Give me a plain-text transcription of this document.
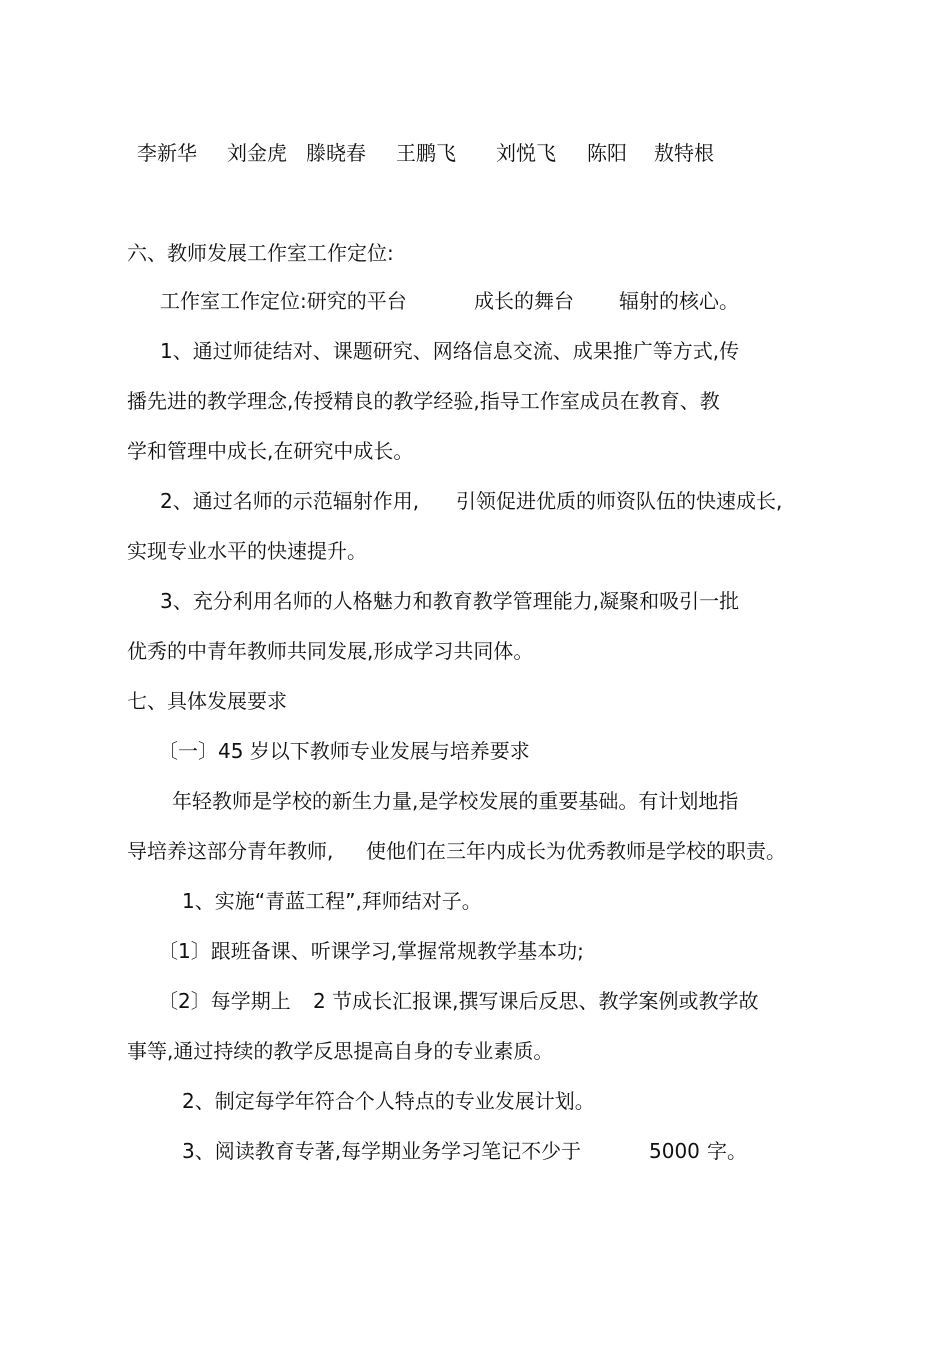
李新华 刘金虎 滕晓春 王鹏飞 刘悦飞 陈阳 敖特根
六、教师发展工作室工作定位:
工作室工作定位:研究的平台	成长的舞台 辐射的核心。
1、通过师徒结对、课题研究、网络信息交流、成果推广等方式,传
播先进的教学理念,传授精良的教学经验,指导工作室成员在教育、教
学和管理中成长,在研究中成长。
2、通过名师的示范辐射作用, 引领促进优质的师资队伍的快速成长,
实现专业水平的快速提升。
3、充分利用名师的人格魅力和教育教学管理能力,凝聚和吸引一批
优秀的中青年教师共同发展,形成学习共同体。
七、具体发展要求
〔一〕45 岁以下教师专业发展与培养要求
年轻教师是学校的新生力量,是学校发展的重要基础。有计划地指
导培养这部分青年教师, 使他们在三年内成长为优秀教师是学校的职责。
1、实施“青蓝工程”,拜师结对子。
〔1〕跟班备课、听课学习,掌握常规教学基本功;
〔2〕每学期上 2 节成长汇报课,撰写课后反思、教学案例或教学故
事等,通过持续的教学反思提高自身的专业素质。
2、制定每学年符合个人特点的专业发展计划。
3、阅读教育专著,每学期业务学习笔记不少于	5000 字。
